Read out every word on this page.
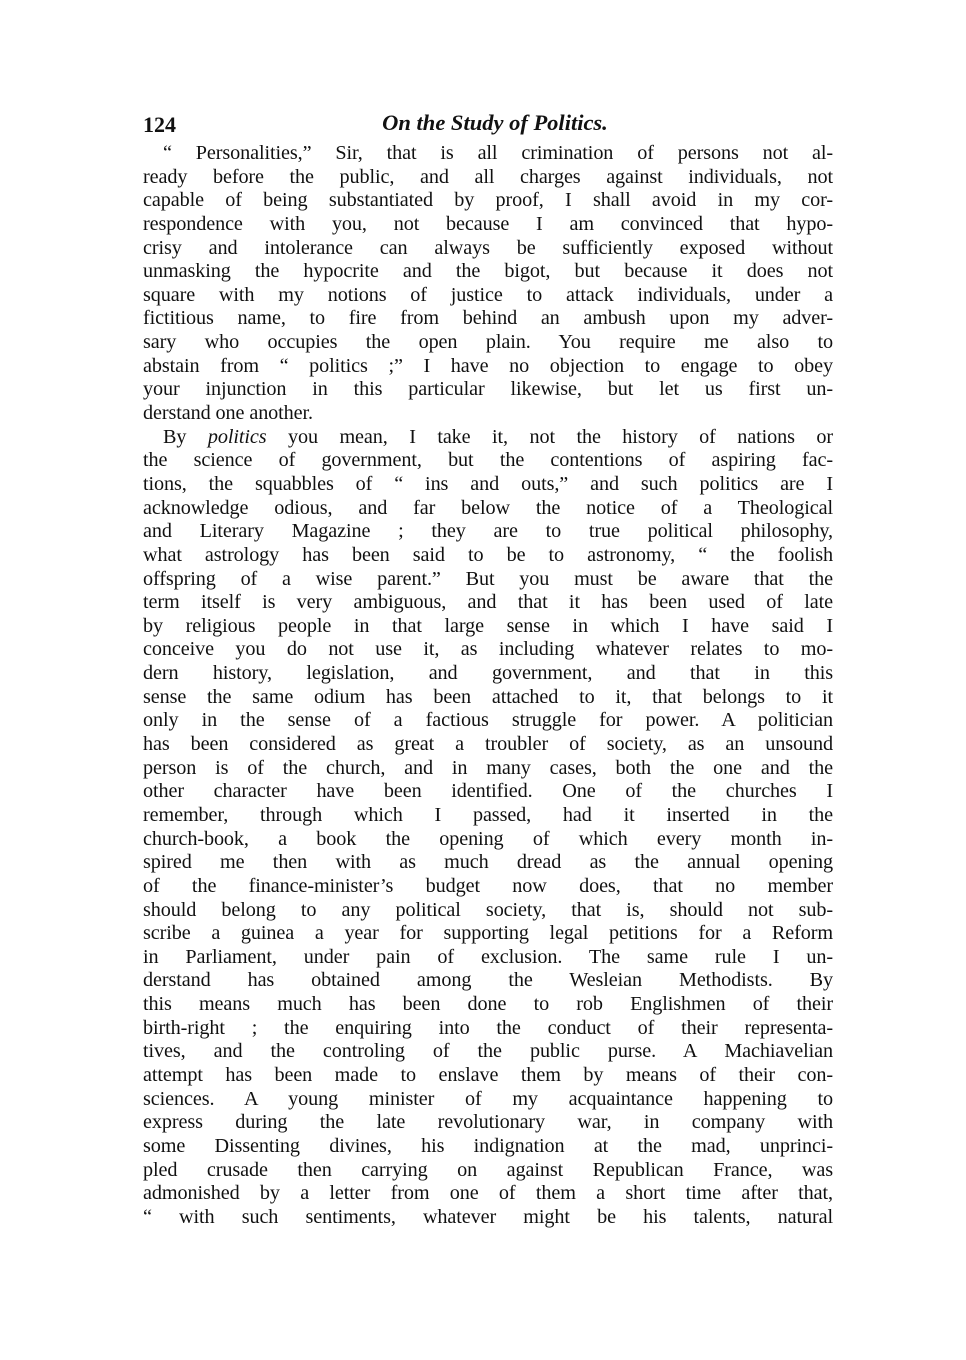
124	On the Study of Politics.
“ Personalities,” Sir, that is all crimination of persons not al-
ready before the public, and all charges against individuals, not
capable of being substantiated by proof, I shall avoid in my cor-
respondence with you, not because I am convinced that hypo-
crisy and intolerance can always be sufficiently exposed without
unmasking the hypocrite and the bigot, but because it does not
square with my notions of justice to attack individuals, under a
fictitious name, to fire from behind an ambush upon my adver-
sary who occupies the open plain. You require me also to
abstain from “ politics ;” I have no objection to engage to obey
your injunction in this particular likewise, but let us first un-
derstand one another.
By politics you mean, I take it, not the history of nations or
the science of government, but the contentions of aspiring fac-
tions, the squabbles of “ ins and outs,” and such politics are I
acknowledge odious, and far below the notice of a Theological
and Literary Magazine ; they are to true political philosophy,
what astrology has been said to be to astronomy, “ the foolish
offspring of a wise parent.” But you must be aware that the
term itself is very ambiguous, and that it has been used of late
by religious people in that large sense in which I have said I
conceive you do not use it, as including whatever relates to mo-
dern history, legislation, and government, and that in this
sense the same odium has been attached to it, that belongs to it
only in the sense of a factious struggle for power. A politician
has been considered as great a troubler of society, as an unsound
person is of the church, and in many cases, both the one and the
other character have been identified. One of the churches I
remember, through which I passed, had it inserted in the
church-book, a book the opening of which every month in-
spired me then with as much dread as the annual opening
of the finance-minister’s budget now does, that no member
should belong to any political society, that is, should not sub-
scribe a guinea a year for supporting legal petitions for a Reform
in Parliament, under pain of exclusion. The same rule I un-
derstand has obtained among the Wesleian Methodists. By
this means much has been done to rob Englishmen of their
birth-right ; the enquiring into the conduct of their representa-
tives, and the controling of the public purse. A Machiavelian
attempt has been made to enslave them by means of their con-
sciences. A young minister of my acquaintance happening to
express during the late revolutionary war, in company with
some Dissenting divines, his indignation at the mad, unprinci-
pled crusade then carrying on against Republican France, was
admonished by a letter from one of them a short time after that,
“ with such sentiments, whatever might be his talents, natural
